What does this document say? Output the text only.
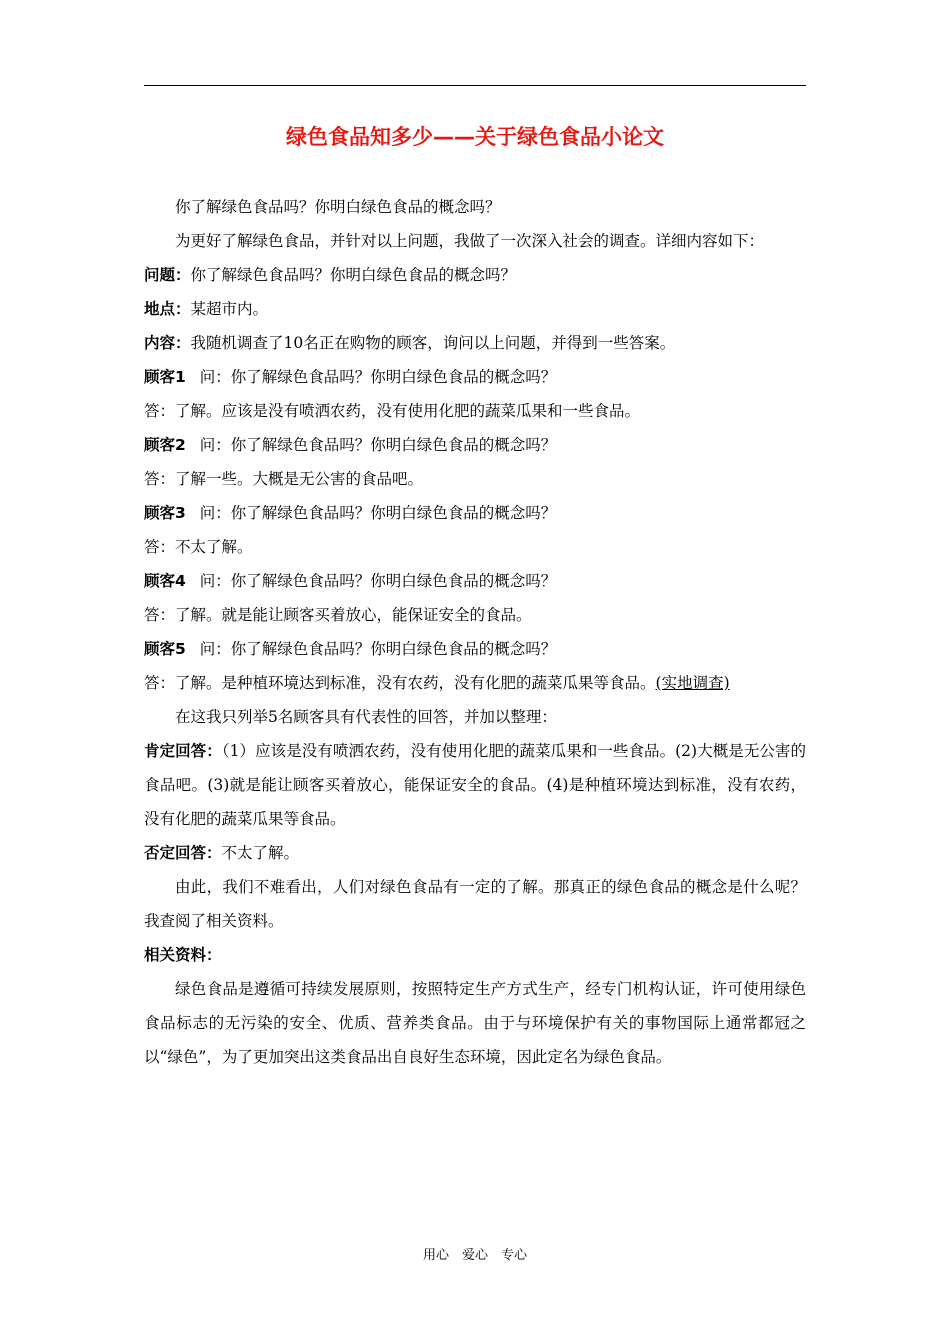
绿色食品知多少——关于绿色食品小论文

你了解绿色食品吗？你明白绿色食品的概念吗？

为更好了解绿色食品，并针对以上问题，我做了一次深入社会的调查。详细内容如下：

问题：你了解绿色食品吗？你明白绿色食品的概念吗？

地点：某超市内。

内容：我随机调查了10名正在购物的顾客，询问以上问题，并得到一些答案。

顾客1 问：你了解绿色食品吗？你明白绿色食品的概念吗？

答：了解。应该是没有喷洒农药，没有使用化肥的蔬菜瓜果和一些食品。

顾客2 问：你了解绿色食品吗？你明白绿色食品的概念吗？

答：了解一些。大概是无公害的食品吧。

顾客3 问：你了解绿色食品吗？你明白绿色食品的概念吗？

答：不太了解。

顾客4 问：你了解绿色食品吗？你明白绿色食品的概念吗？

答：了解。就是能让顾客买着放心，能保证安全的食品。

顾客5 问：你了解绿色食品吗？你明白绿色食品的概念吗？

答：了解。是种植环境达到标准，没有农药，没有化肥的蔬菜瓜果等食品。(实地调查)

在这我只列举5名顾客具有代表性的回答，并加以整理：

肯定回答：（1）应该是没有喷洒农药，没有使用化肥的蔬菜瓜果和一些食品。(2)大概是无公害的食品吧。(3)就是能让顾客买着放心，能保证安全的食品。(4)是种植环境达到标准，没有农药，没有化肥的蔬菜瓜果等食品。

否定回答：不太了解。

由此，我们不难看出，人们对绿色食品有一定的了解。那真正的绿色食品的概念是什么呢？我查阅了相关资料。

相关资料：

绿色食品是遵循可持续发展原则，按照特定生产方式生产，经专门机构认证，许可使用绿色食品标志的无污染的安全、优质、营养类食品。由于与环境保护有关的事物国际上通常都冠之以“绿色”，为了更加突出这类食品出自良好生态环境，因此定名为绿色食品。

用心　爱心　专心
